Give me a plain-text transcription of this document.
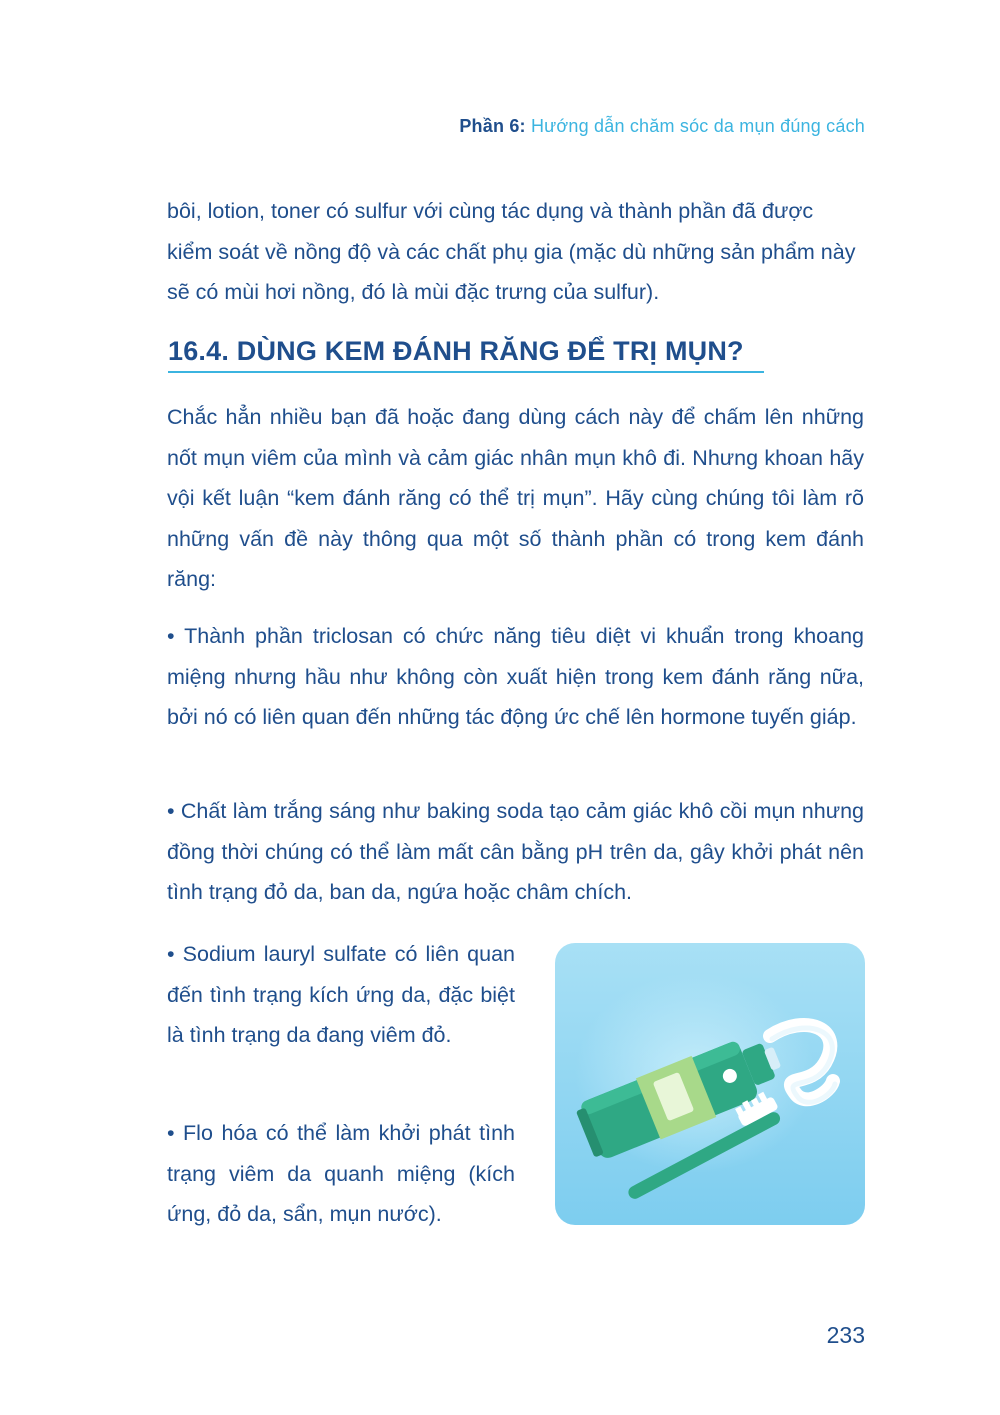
Phần 6: Hướng dẫn chăm sóc da mụn đúng cách

bôi, lotion, toner có sulfur với cùng tác dụng và thành phần đã được kiểm soát về nồng độ và các chất phụ gia (mặc dù những sản phẩm này sẽ có mùi hơi nồng, đó là mùi đặc trưng của sulfur).

16.4. DÙNG KEM ĐÁNH RĂNG ĐỂ TRỊ MỤN?

Chắc hẳn nhiều bạn đã hoặc đang dùng cách này để chấm lên những nốt mụn viêm của mình và cảm giác nhân mụn khô đi. Nhưng khoan hãy vội kết luận “kem đánh răng có thể trị mụn”. Hãy cùng chúng tôi làm rõ những vấn đề này thông qua một số thành phần có trong kem đánh răng:

• Thành phần triclosan có chức năng tiêu diệt vi khuẩn trong khoang miệng nhưng hầu như không còn xuất hiện trong kem đánh răng nữa, bởi nó có liên quan đến những tác động ức chế lên hormone tuyến giáp.

• Chất làm trắng sáng như baking soda tạo cảm giác khô cồi mụn nhưng đồng thời chúng có thể làm mất cân bằng pH trên da, gây khởi phát nên tình trạng đỏ da, ban da, ngứa hoặc châm chích.

• Sodium lauryl sulfate có liên quan đến tình trạng kích ứng da, đặc biệt là tình trạng da đang viêm đỏ.

• Flo hóa có thể làm khởi phát tình trạng viêm da quanh miệng (kích ứng, đỏ da, sẩn, mụn nước).

233
